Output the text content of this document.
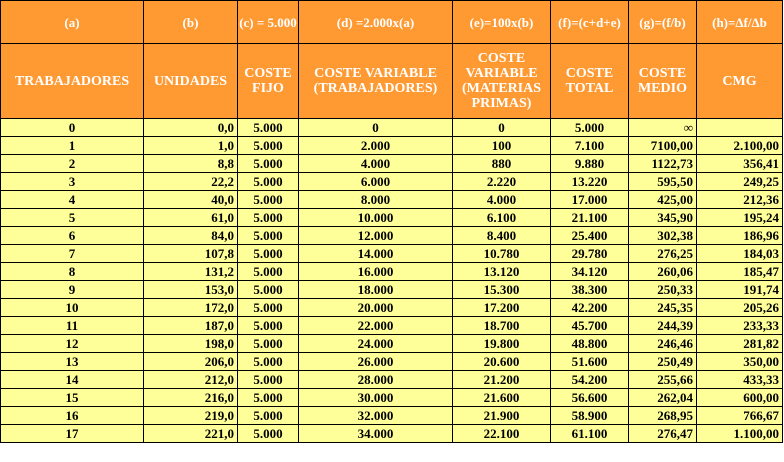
(a)	(b)	(c) = 5.000	(d) =2.000x(a)	(e)=100x(b)	(f)=(c+d+e)	(g)=(f/b)	(h)=Δf/Δb
TRABAJADORES	UNIDADES	COSTE FIJO	COSTE VARIABLE (TRABAJADORES)	COSTE VARIABLE (MATERIAS PRIMAS)	COSTE TOTAL	COSTE MEDIO	CMG
0	0,0	5.000	0	0	5.000	∞	
1	1,0	5.000	2.000	100	7.100	7100,00	2.100,00
2	8,8	5.000	4.000	880	9.880	1122,73	356,41
3	22,2	5.000	6.000	2.220	13.220	595,50	249,25
4	40,0	5.000	8.000	4.000	17.000	425,00	212,36
5	61,0	5.000	10.000	6.100	21.100	345,90	195,24
6	84,0	5.000	12.000	8.400	25.400	302,38	186,96
7	107,8	5.000	14.000	10.780	29.780	276,25	184,03
8	131,2	5.000	16.000	13.120	34.120	260,06	185,47
9	153,0	5.000	18.000	15.300	38.300	250,33	191,74
10	172,0	5.000	20.000	17.200	42.200	245,35	205,26
11	187,0	5.000	22.000	18.700	45.700	244,39	233,33
12	198,0	5.000	24.000	19.800	48.800	246,46	281,82
13	206,0	5.000	26.000	20.600	51.600	250,49	350,00
14	212,0	5.000	28.000	21.200	54.200	255,66	433,33
15	216,0	5.000	30.000	21.600	56.600	262,04	600,00
16	219,0	5.000	32.000	21.900	58.900	268,95	766,67
17	221,0	5.000	34.000	22.100	61.100	276,47	1.100,00
